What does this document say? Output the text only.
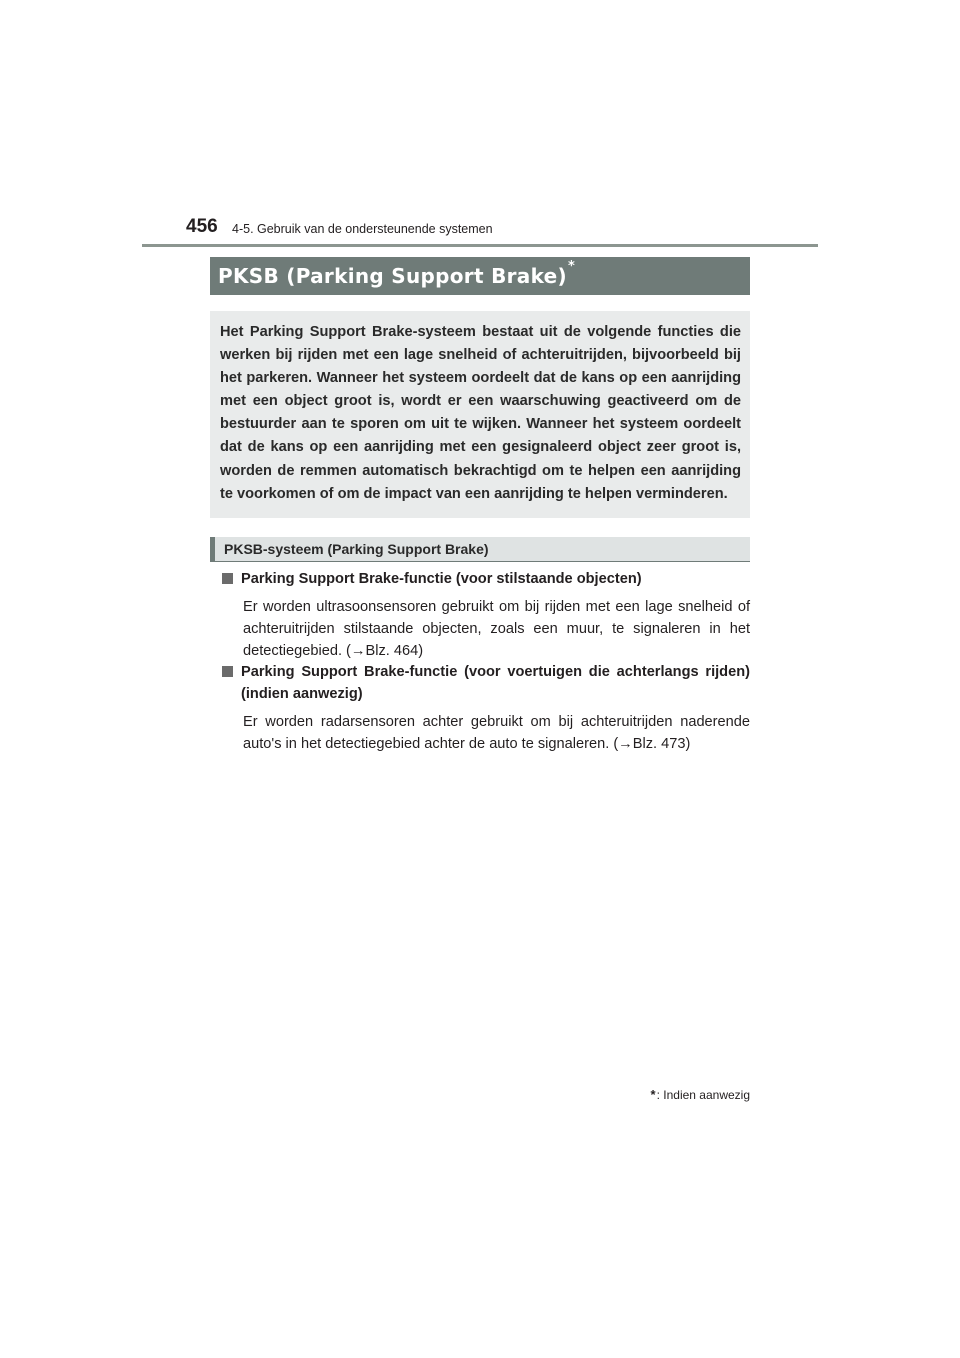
456 4-5. Gebruik van de ondersteunende systemen
PKSB (Parking Support Brake) *

Het Parking Support Brake-systeem bestaat uit de volgende functies die werken bij rijden met een lage snelheid of achteruitrijden, bijvoorbeeld bij het parkeren. Wanneer het systeem oordeelt dat de kans op een aanrijding met een object groot is, wordt er een waarschuwing geactiveerd om de bestuurder aan te sporen om uit te wijken. Wanneer het systeem oordeelt dat de kans op een aanrijding met een gesignaleerd object zeer groot is, worden de remmen automatisch bekrachtigd om te helpen een aanrijding te voorkomen of om de impact van een aanrijding te helpen verminderen.

PKSB-systeem (Parking Support Brake)
Parking Support Brake-functie (voor stilstaande objecten)
Er worden ultrasoonsensoren gebruikt om bij rijden met een lage snelheid of achteruitrijden stilstaande objecten, zoals een muur, te signaleren in het detectiegebied. (→Blz. 464)
Parking Support Brake-functie (voor voertuigen die achterlangs rijden) (indien aanwezig)
Er worden radarsensoren achter gebruikt om bij achteruitrijden naderende auto's in het detectiegebied achter de auto te signaleren. (→Blz. 473)
* : Indien aanwezig
